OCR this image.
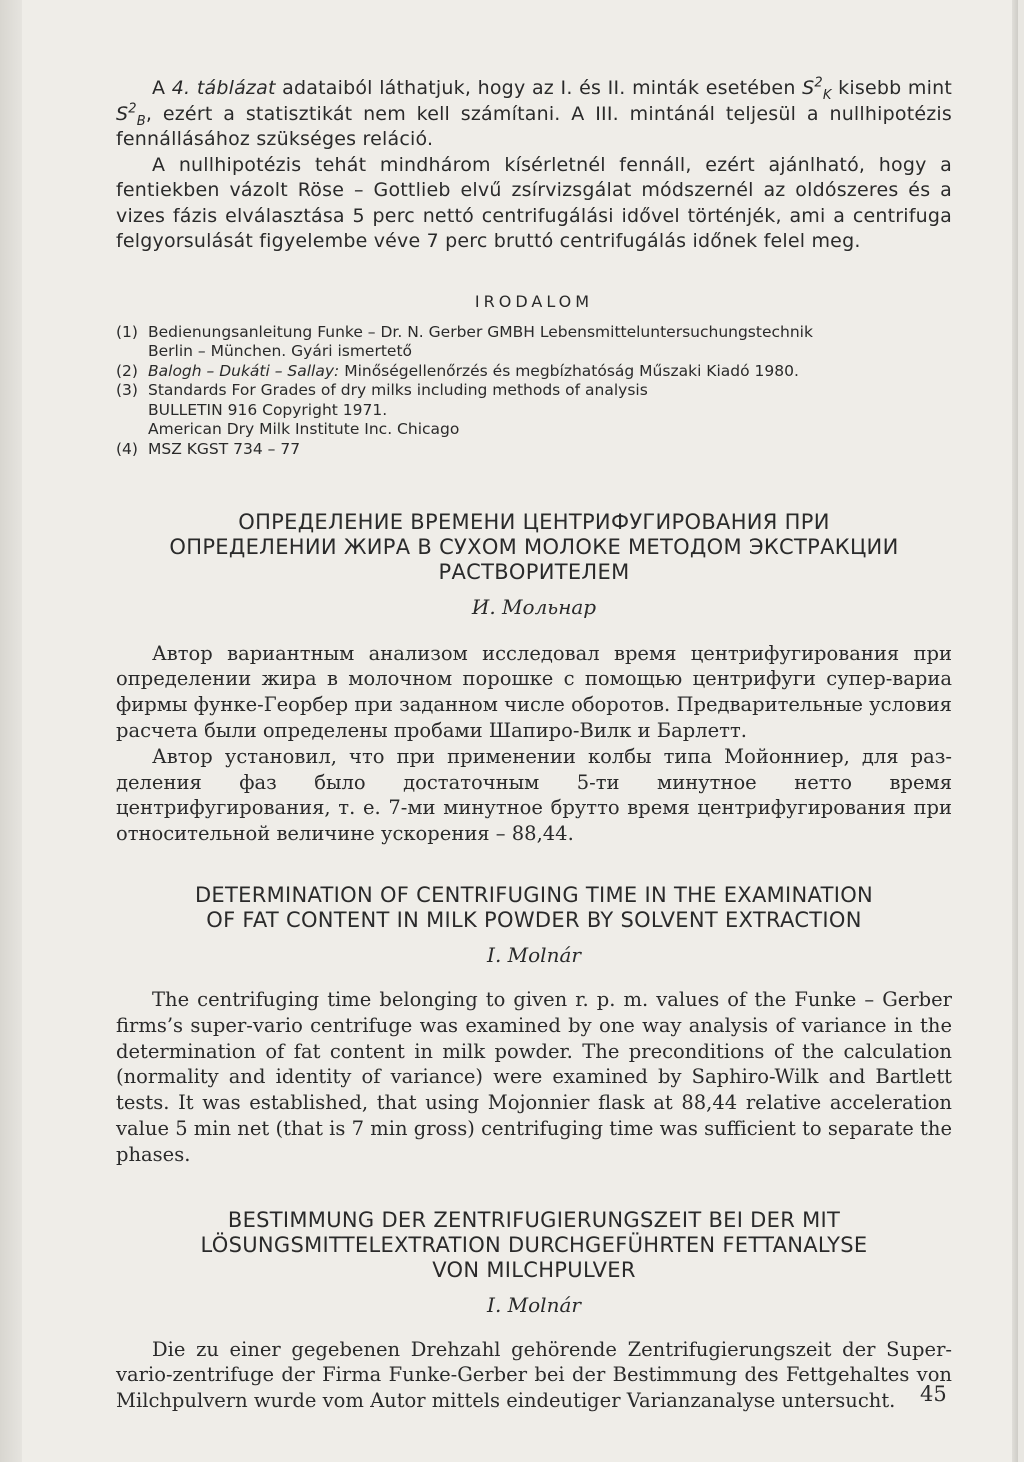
A 4. táblázat adataiból láthatjuk, hogy az I. és II. minták esetében $S^2_K$ kisebb mint $S^2_B$, ezért a statisztikát nem kell számítani. A III. mintánál teljesül a nullhipotézis fennállásához szükséges reláció.

A nullhipotézis tehát mindhárom kísérletnél fennáll, ezért ajánlható, hogy a fentiekben vázolt Röse – Gottlieb elvű zsírvizsgálat módszernél az oldószeres és a vizes fázis elválasztása 5 perc nettó centrifugálási idővel történjék, ami a centrifuga felgyorsulását figyelembe véve 7 perc bruttó centrifugálás időnek felel meg.

IRODALOM
(1) Bedienungsanleitung Funke – Dr. N. Gerber GMBH Lebensmitteluntersuchungstechnik
Berlin – München. Gyári ismertető
(2) Balogh – Dukáti – Sallay: Minőségellenőrzés és megbízhatóság Műszaki Kiadó 1980.
(3) Standards For Grades of dry milks including methods of analysis
BULLETIN 916 Copyright 1971.
American Dry Milk Institute Inc. Chicago
(4) MSZ KGST 734 – 77
ОПРЕДЕЛЕНИЕ ВРЕМЕНИ ЦЕНТРИФУГИРОВАНИЯ ПРИ
ОПРЕДЕЛЕНИИ ЖИРА В СУХОМ МОЛОКЕ МЕТОДОМ ЭКСТРАКЦИИ
РАСТВОРИТЕЛЕМ
И. Мольнар

Автор вариантным анализом исследовал время центрифугирования при определении жира в молочном порошке с помощью центрифуги супер-вариа фирмы функе-Георбер при заданном числе оборотов. Предварительные условия расчета были определены пробами Шапиро-Вилк и Барлетт.

Автор установил, что при применении колбы типа Мойонниер, для разделения фаз было достаточным 5-ти минутное нетто время центрифугирования, т. е. 7-ми минутное брутто время центрифугирования при относительной величине ускорения – 88,44.

DETERMINATION OF CENTRIFUGING TIME IN THE EXAMINATION
OF FAT CONTENT IN MILK POWDER BY SOLVENT EXTRACTION
I. Molnár

The centrifuging time belonging to given r. p. m. values of the Funke – Gerber firms’s super-vario centrifuge was examined by one way analysis of variance in the determination of fat content in milk powder. The preconditions of the calculation (normality and identity of variance) were examined by Saphiro-Wilk and Bartlett tests. It was established, that using Mojonnier flask at 88,44 relative acceleration value 5 min net (that is 7 min gross) centrifuging time was sufficient to separate the phases.

BESTIMMUNG DER ZENTRIFUGIERUNGSZEIT BEI DER MIT
LÖSUNGSMITTELEXTRATION DURCHGEFÜHRTEN FETTANALYSE
VON MILCHPULVER
I. Molnár

Die zu einer gegebenen Drehzahl gehörende Zentrifugierungszeit der Supervario-zentrifuge der Firma Funke-Gerber bei der Bestimmung des Fettgehaltes von Milchpulvern wurde vom Autor mittels eindeutiger Varianzanalyse untersucht.	45
